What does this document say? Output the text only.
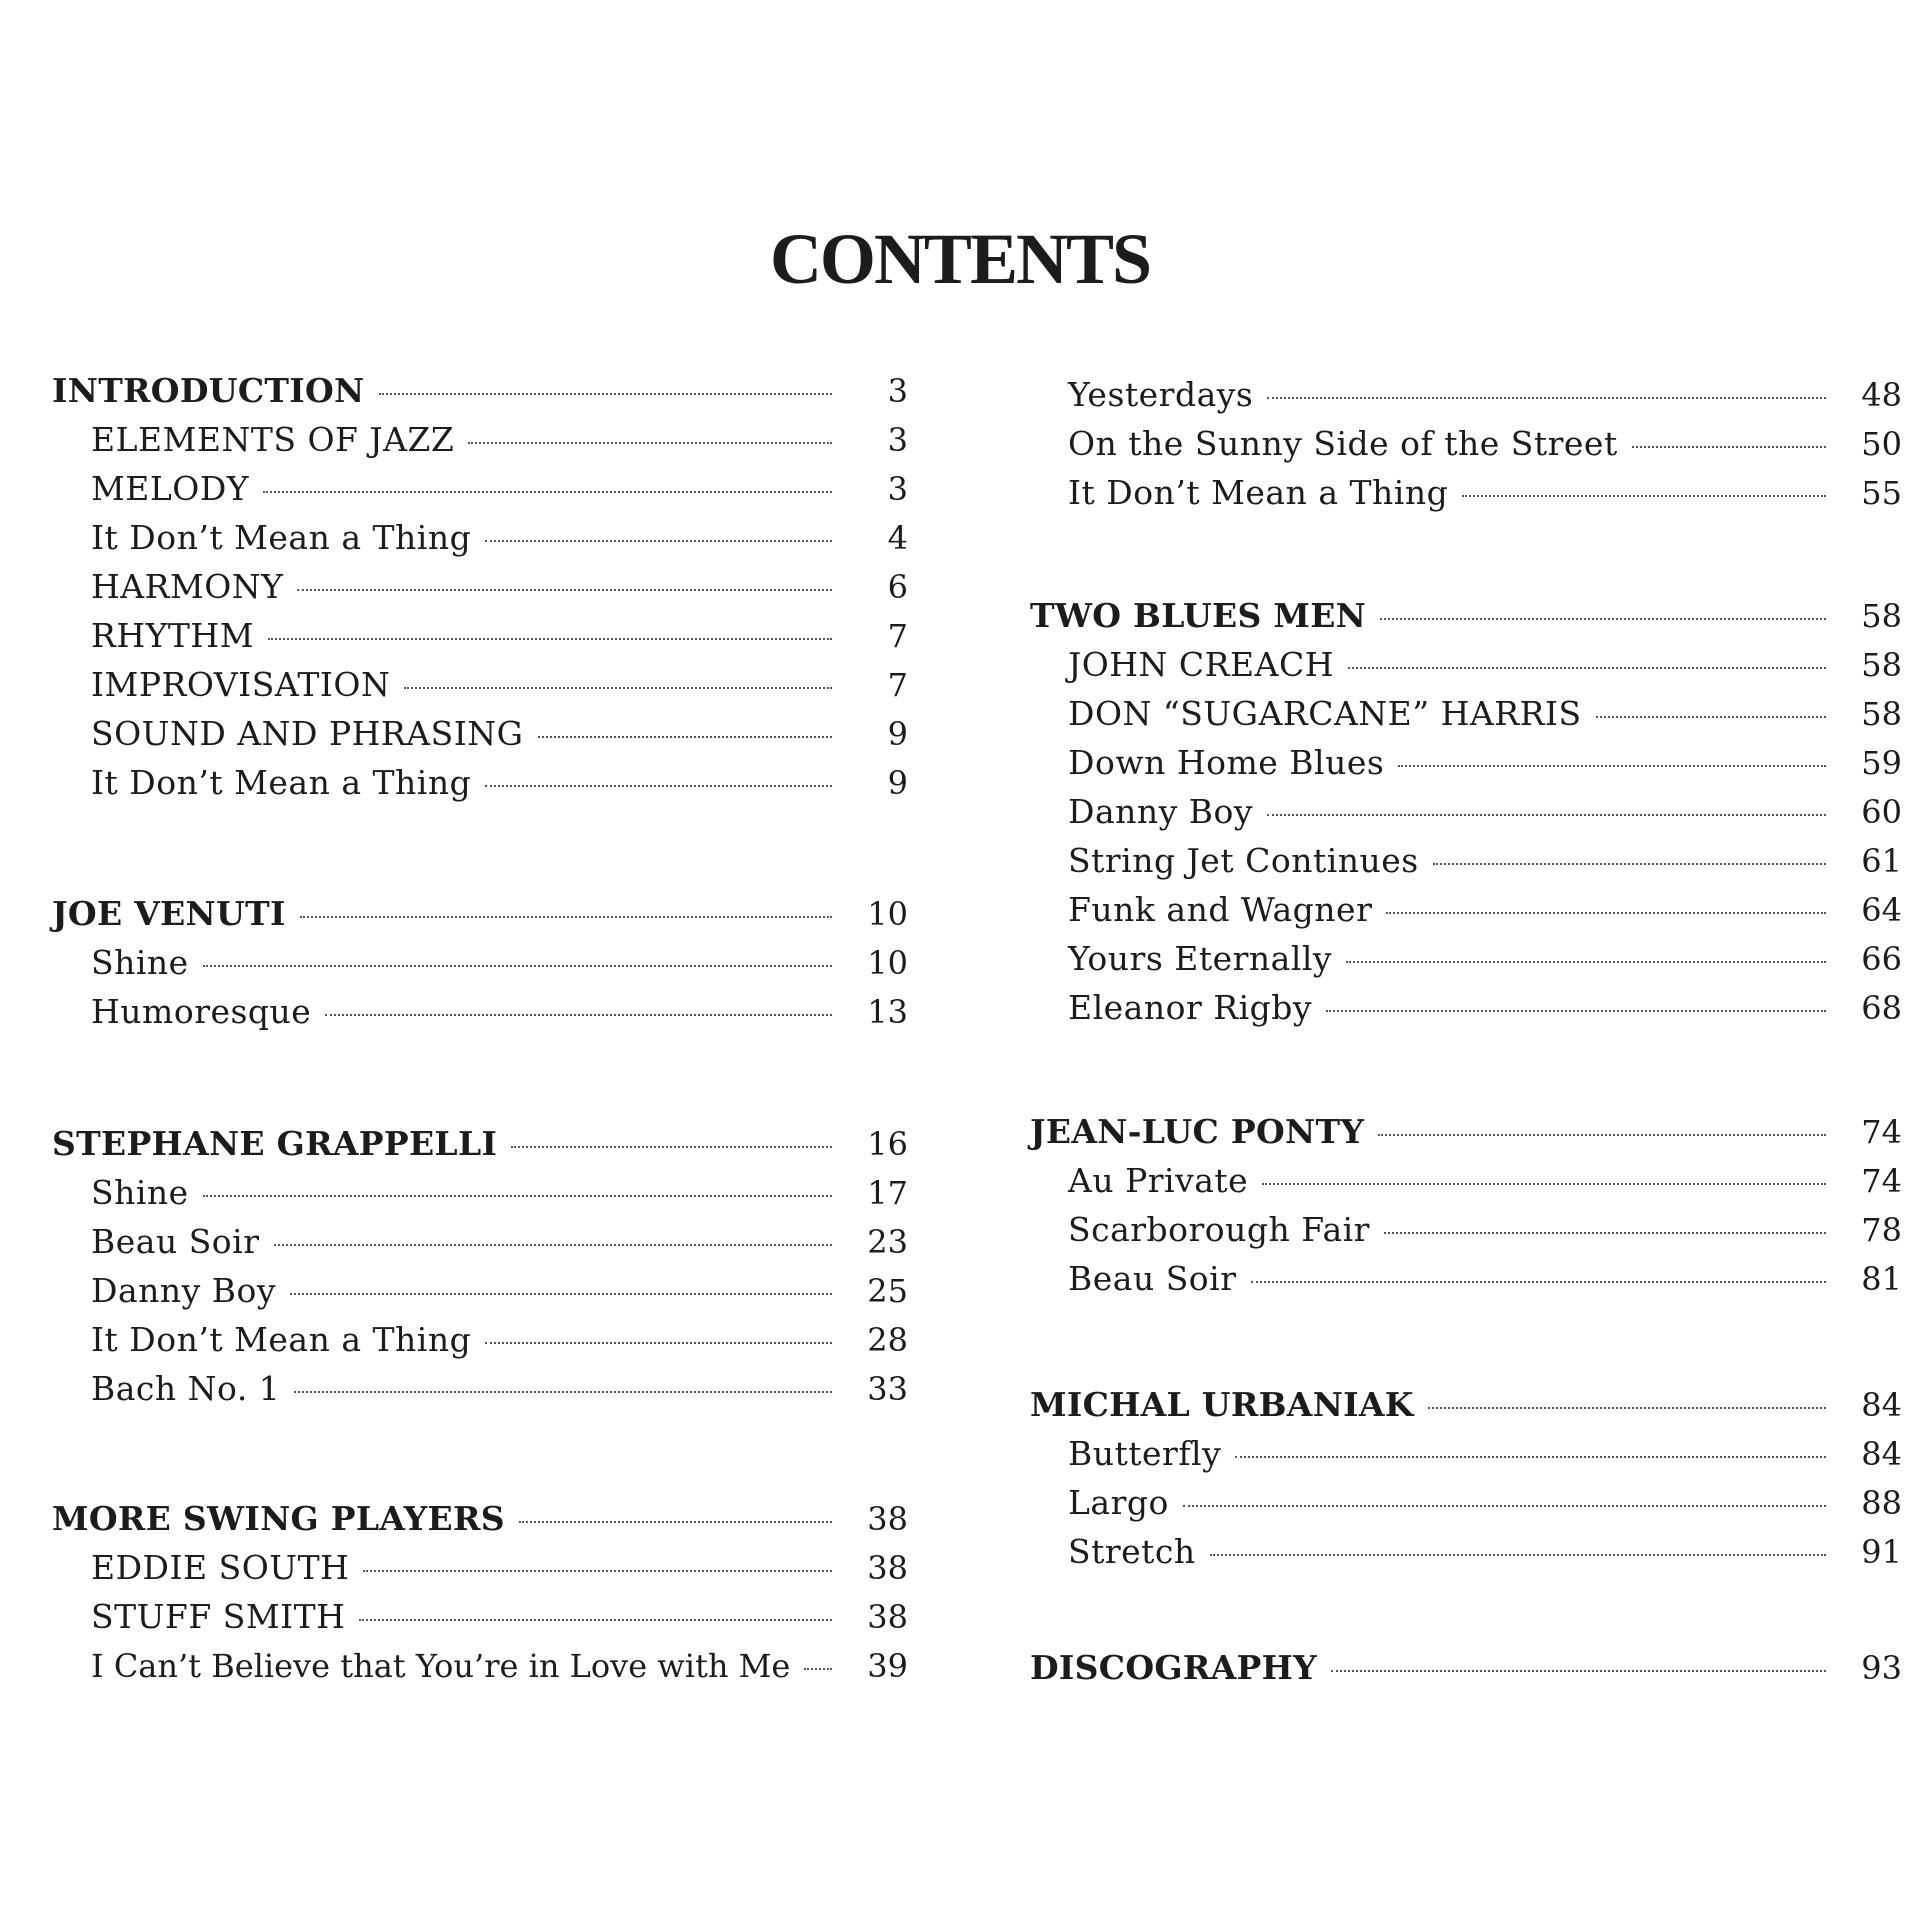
CONTENTS
INTRODUCTION	3
ELEMENTS OF JAZZ	3
MELODY	3
It Don’t Mean a Thing	4
HARMONY	6
RHYTHM	7
IMPROVISATION	7
SOUND AND PHRASING	9
It Don’t Mean a Thing	9
JOE VENUTI	10
Shine	10
Humoresque	13
STEPHANE GRAPPELLI	16
Shine	17
Beau Soir	23
Danny Boy	25
It Don’t Mean a Thing	28
Bach No. 1	33
MORE SWING PLAYERS	38
EDDIE SOUTH	38
STUFF SMITH	38
I Can’t Believe that You’re in Love with Me	39
Yesterdays	48
On the Sunny Side of the Street	50
It Don’t Mean a Thing	55
TWO BLUES MEN	58
JOHN CREACH	58
DON “SUGARCANE” HARRIS	58
Down Home Blues	59
Danny Boy	60
String Jet Continues	61
Funk and Wagner	64
Yours Eternally	66
Eleanor Rigby	68
JEAN-LUC PONTY	74
Au Private	74
Scarborough Fair	78
Beau Soir	81
MICHAL URBANIAK	84
Butterfly	84
Largo	88
Stretch	91
DISCOGRAPHY	93
